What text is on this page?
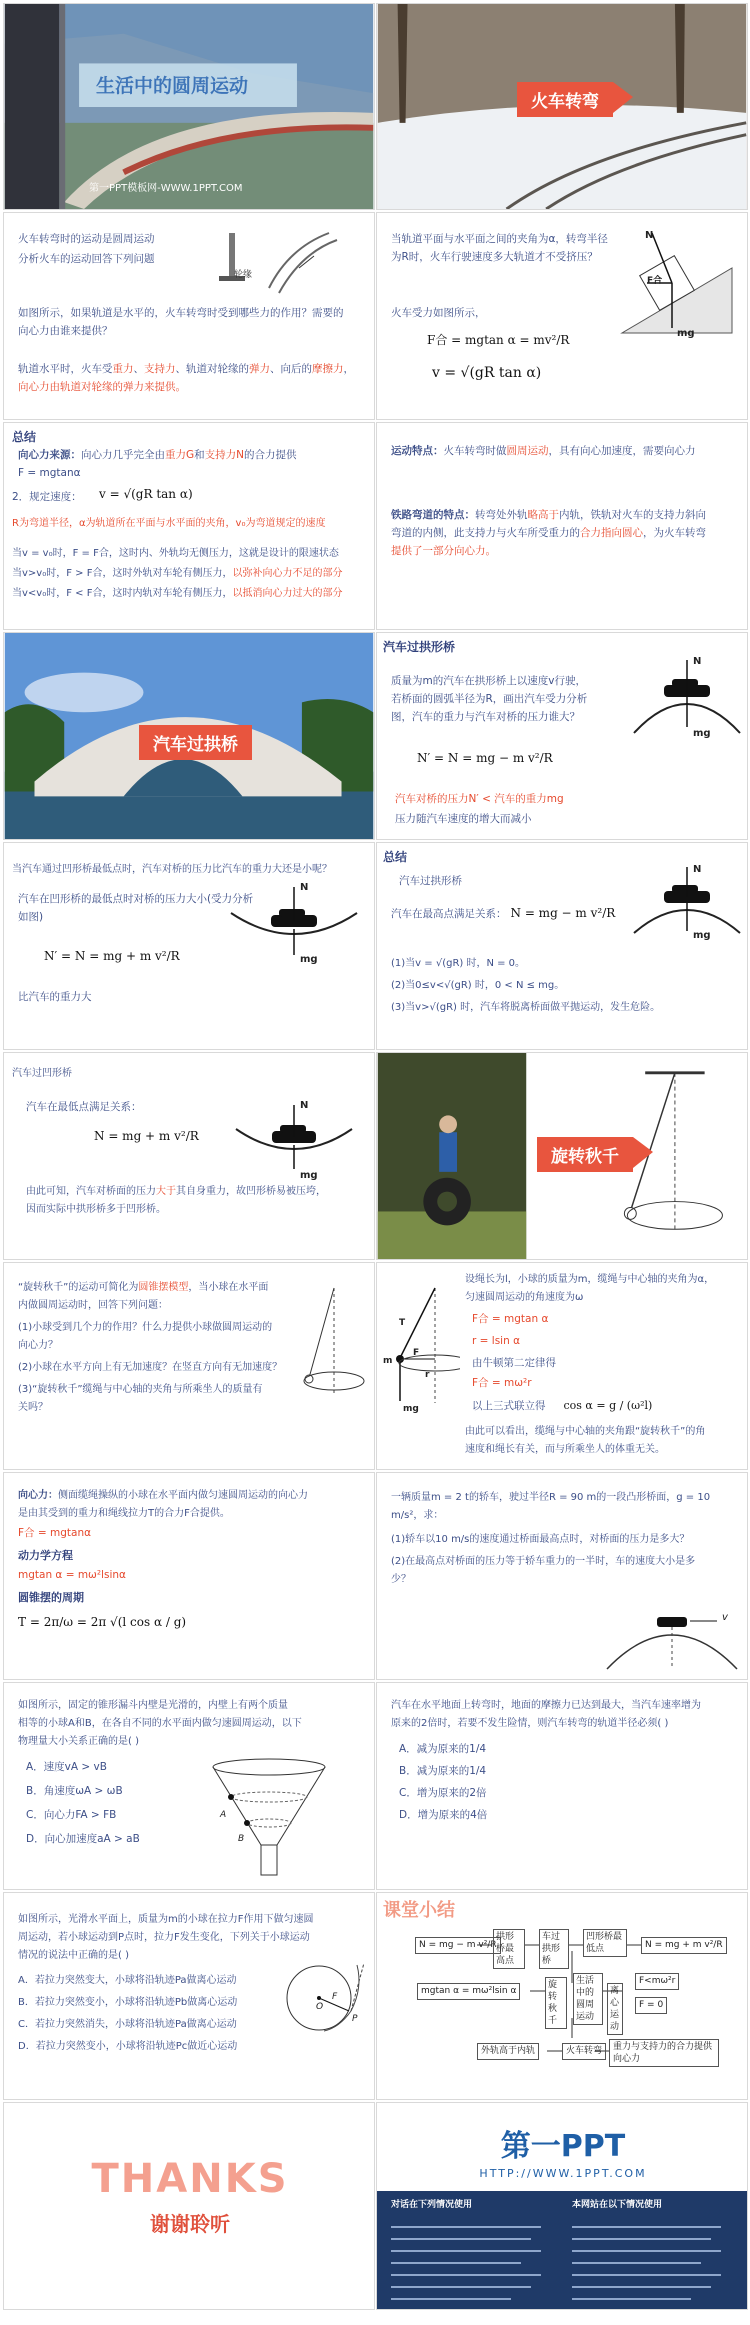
生活中的圆周运动
第一PPT模板网-WWW.1PPT.COM
火车转弯
火车转弯时的运动是圆周运动
分析火车的运动回答下列问题
轮缘
如图所示，如果轨道是水平的，火车转弯时受到哪些力的作用？需要的
向心力由谁来提供？
轨道水平时，火车受重力、支持力、轨道对轮缘的弹力、向后的摩擦力，
向心力由轨道对轮缘的弹力来提供。
当轨道平面与水平面之间的夹角为α，转弯半径
为R时，火车行驶速度多大轨道才不受挤压？
N
F合
mg
火车受力如图所示，
F合 = mgtan α = mv²/R
v = √(gR tan α)
总结
向心力来源：向心力几乎完全由重力G和支持力N的合力提供
F = mgtanα
2．规定速度： v = √(gR tan α)
R为弯道半径，α为轨道所在平面与水平面的夹角，v₀为弯道规定的速度
当v = v₀时，F = F合，这时内、外轨均无侧压力，这就是设计的限速状态
当v>v₀时，F > F合，这时外轨对车轮有侧压力，以弥补向心力不足的部分
当v<v₀时，F < F合，这时内轨对车轮有侧压力，以抵消向心力过大的部分
运动特点：火车转弯时做圆周运动，具有向心加速度，需要向心力
铁路弯道的特点：转弯处外轨略高于内轨，铁轨对火车的支持力斜向
弯道的内侧，此支持力与火车所受重力的合力指向圆心，为火车转弯
提供了一部分向心力。
汽车过拱桥
汽车过拱形桥
质量为m的汽车在拱形桥上以速度v行驶，
若桥面的圆弧半径为R，画出汽车受力分析
图，汽车的重力与汽车对桥的压力谁大？
N
mg
N′ = N = mg − m v²/R
汽车对桥的压力N′ < 汽车的重力mg
压力随汽车速度的增大而减小
当汽车通过凹形桥最低点时，汽车对桥的压力比汽车的重力大还是小呢？
汽车在凹形桥的最低点时对桥的压力大小(受力分析
如图)
N
mg
N′ = N = mg + m v²/R
比汽车的重力大
总结
汽车过拱形桥
汽车在最高点满足关系： N = mg − m v²/R
N
mg
(1)当v = √(gR) 时，N = 0。
(2)当0≤v<√(gR) 时，0 < N ≤ mg。
(3)当v>√(gR) 时，汽车将脱离桥面做平抛运动，发生危险。
汽车过凹形桥
汽车在最低点满足关系：
N = mg + m v²/R
N
mg
由此可知，汽车对桥面的压力大于其自身重力，故凹形桥易被压垮，
因而实际中拱形桥多于凹形桥。
旋转秋千
“旋转秋千”的运动可简化为圆锥摆模型，当小球在水平面
内做圆周运动时，回答下列问题：
(1)小球受到几个力的作用？什么力提供小球做圆周运动的
向心力？
(2)小球在水平方向上有无加速度？在竖直方向有无加速度？
(3)“旋转秋千”缆绳与中心轴的夹角与所乘坐人的质量有
关吗？
T
F
m
mg
r
设绳长为l，小球的质量为m，缆绳与中心轴的夹角为α，
匀速圆周运动的角速度为ω
F合 = mgtan α
r = lsin α
由牛顿第二定律得
F合 = mω²r
以上三式联立得 cos α = g / (ω²l)
由此可以看出，缆绳与中心轴的夹角跟“旋转秋千”的角
速度和绳长有关，而与所乘坐人的体重无关。
向心力：侧面缆绳操纵的小球在水平面内做匀速圆周运动的向心力
是由其受到的重力和绳线拉力T的合力F合提供。
F合 = mgtanα
动力学方程
mgtan α = mω²lsinα
圆锥摆的周期
T = 2π/ω = 2π √(l cos α / g)
一辆质量m = 2 t的轿车，驶过半径R = 90 m的一段凸形桥面，g = 10
m/s²，求：
(1)轿车以10 m/s的速度通过桥面最高点时，对桥面的压力是多大？
(2)在最高点对桥面的压力等于轿车重力的一半时，车的速度大小是多
少？
v
如图所示，固定的锥形漏斗内壁是光滑的，内壁上有两个质量
相等的小球A和B，在各自不同的水平面内做匀速圆周运动，以下
物理量大小关系正确的是( )
A．速度vA > vB
B．角速度ωA > ωB
C．向心力FA > FB
D．向心加速度aA > aB
A
B
汽车在水平地面上转弯时，地面的摩擦力已达到最大，当汽车速率增为
原来的2倍时，若要不发生险情，则汽车转弯的轨道半径必须( )
A．减为原来的1/4
B．减为原来的1/4
C．增为原来的2倍
D．增为原来的4倍
如图所示，光滑水平面上，质量为m的小球在拉力F作用下做匀速圆
周运动，若小球运动到P点时，拉力F发生变化，下列关于小球运动
情况的说法中正确的是( )
A．若拉力突然变大，小球将沿轨迹Pa做离心运动
B．若拉力突然变小，小球将沿轨迹Pb做离心运动
C．若拉力突然消失，小球将沿轨迹Pa做离心运动
D．若拉力突然变小，小球将沿轨迹Pc做近心运动
O
P
F
课堂小结
N = mg − m v²/R
拱形桥最高点
车过拱形桥
凹形桥最低点	N = mg + m v²/R
mgtan α = mω²lsin α
旋转秋千
生活中的圆周运动
离心运动
F<mω²r
F = 0
外轨高于内轨	火车转弯	重力与支持力的合力提供向心力
THANKS
谢谢聆听
第一PPT
HTTP://WWW.1PPT.COM
对话在下列情况使用	本网站在以下情况使用
